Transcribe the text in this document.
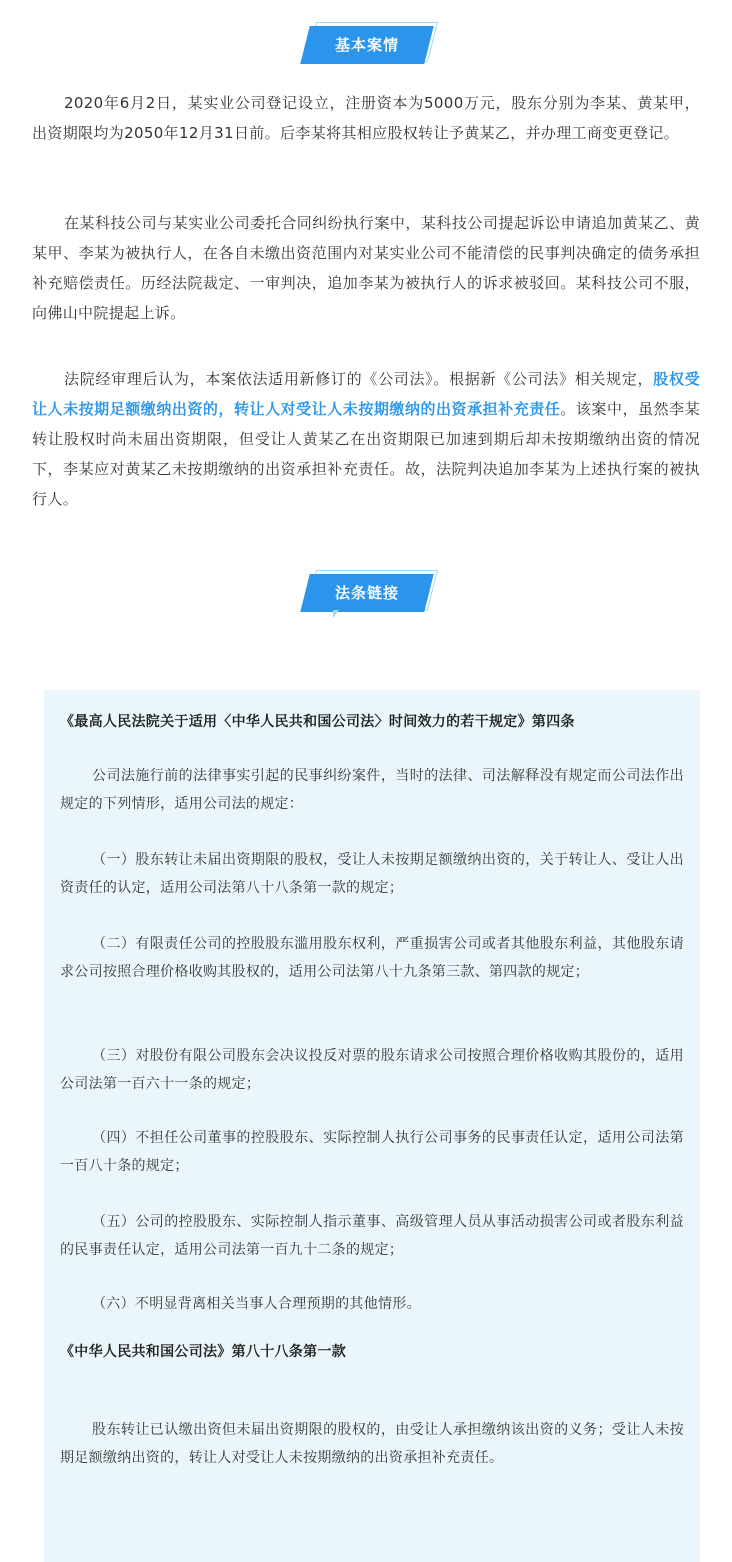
基本案情

2020年6月2日，某实业公司登记设立，注册资本为5000万元，股东分别为李某、黄某甲，出资期限均为2050年12月31日前。后李某将其相应股权转让予黄某乙，并办理工商变更登记。

在某科技公司与某实业公司委托合同纠纷执行案中，某科技公司提起诉讼申请追加黄某乙、黄某甲、李某为被执行人，在各自未缴出资范围内对某实业公司不能清偿的民事判决确定的债务承担补充赔偿责任。历经法院裁定、一审判决，追加李某为被执行人的诉求被驳回。某科技公司不服，向佛山中院提起上诉。

法院经审理后认为，本案依法适用新修订的《公司法》。根据新《公司法》相关规定，股权受让人未按期足额缴纳出资的，转让人对受让人未按期缴纳的出资承担补充责任。该案中，虽然李某转让股权时尚未届出资期限，但受让人黄某乙在出资期限已加速到期后却未按期缴纳出资的情况下，李某应对黄某乙未按期缴纳的出资承担补充责任。故，法院判决追加李某为上述执行案的被执行人。

法条链接

《最高人民法院关于适用〈中华人民共和国公司法〉时间效力的若干规定》第四条

公司法施行前的法律事实引起的民事纠纷案件，当时的法律、司法解释没有规定而公司法作出规定的下列情形，适用公司法的规定：

（一）股东转让未届出资期限的股权，受让人未按期足额缴纳出资的，关于转让人、受让人出资责任的认定，适用公司法第八十八条第一款的规定；

（二）有限责任公司的控股股东滥用股东权利，严重损害公司或者其他股东利益，其他股东请求公司按照合理价格收购其股权的，适用公司法第八十九条第三款、第四款的规定；

（三）对股份有限公司股东会决议投反对票的股东请求公司按照合理价格收购其股份的，适用公司法第一百六十一条的规定；

（四）不担任公司董事的控股股东、实际控制人执行公司事务的民事责任认定，适用公司法第一百八十条的规定；

（五）公司的控股股东、实际控制人指示董事、高级管理人员从事活动损害公司或者股东利益的民事责任认定，适用公司法第一百九十二条的规定；

（六）不明显背离相关当事人合理预期的其他情形。

《中华人民共和国公司法》第八十八条第一款

股东转让已认缴出资但未届出资期限的股权的，由受让人承担缴纳该出资的义务；受让人未按期足额缴纳出资的，转让人对受让人未按期缴纳的出资承担补充责任。
